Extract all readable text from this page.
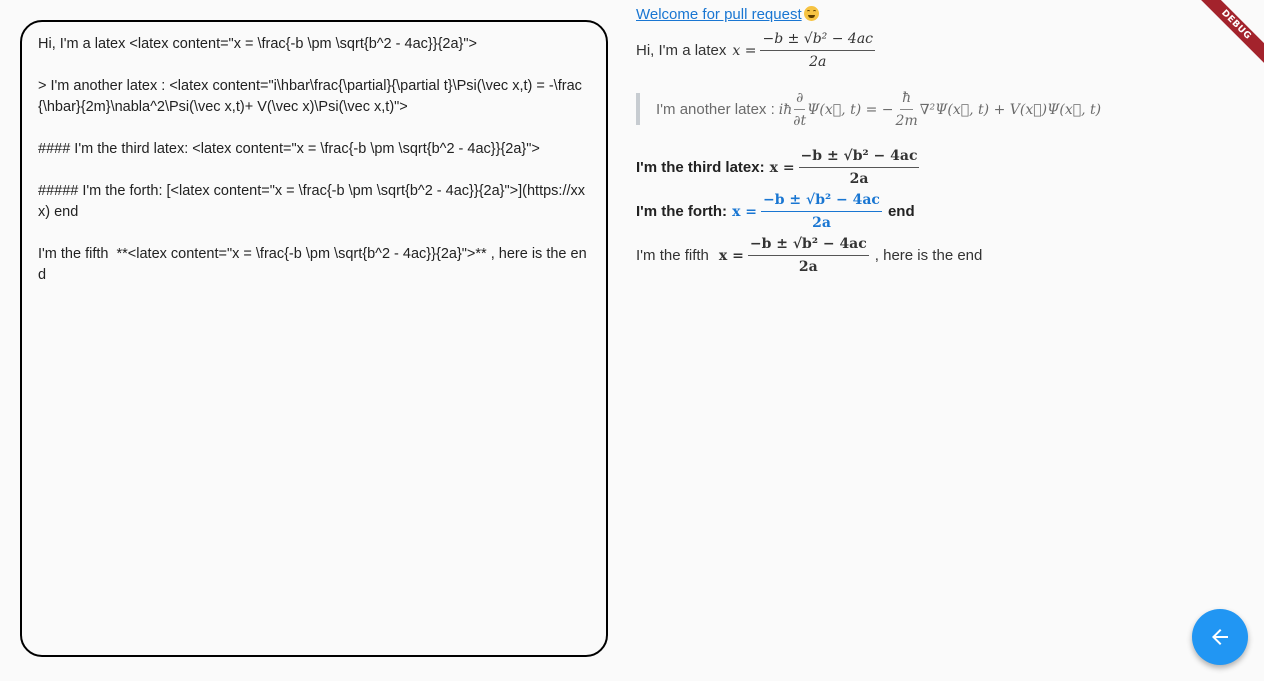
Hi, I'm a latex <latex content="x = \frac{-b \pm \sqrt{b^2 - 4ac}}{2a}">

> I'm another latex : <latex content="i\hbar\frac{\partial}{\partial t}\Psi(\vec x,t) = -\frac{\hbar}{2m}\nabla^2\Psi(\vec x,t)+ V(\vec x)\Psi(\vec x,t)">

#### I'm the third latex: <latex content="x = \frac{-b \pm \sqrt{b^2 - 4ac}}{2a}">

##### I'm the forth: [<latex content="x = \frac{-b \pm \sqrt{b^2 - 4ac}}{2a}">](https://xxx) end

I'm the fifth  **<latex content="x = \frac{-b \pm \sqrt{b^2 - 4ac}}{2a}">** , here is the end
Welcome for pull request
Hi, I'm a latex $x = \frac{\text{−b ± √b² − 4ac}}{2a}$
I'm another latex : iħ $\frac{\partial}{\partial t}$ Ψ(x⃗, t) = − $\frac{ħ}{2m}$ ∇²Ψ(x⃗, t) + V(x⃗)Ψ(x⃗, t)
I'm the third latex: $x = \frac{\text{−b ± √b² − 4ac}}{2a}$
I'm the forth: $x = \frac{\text{−b ± √b² − 4ac}}{2a}$ end
I'm the fifth $x = \frac{\text{−b ± √b² − 4ac}}{2a}$ , here is the end
DEBUG
